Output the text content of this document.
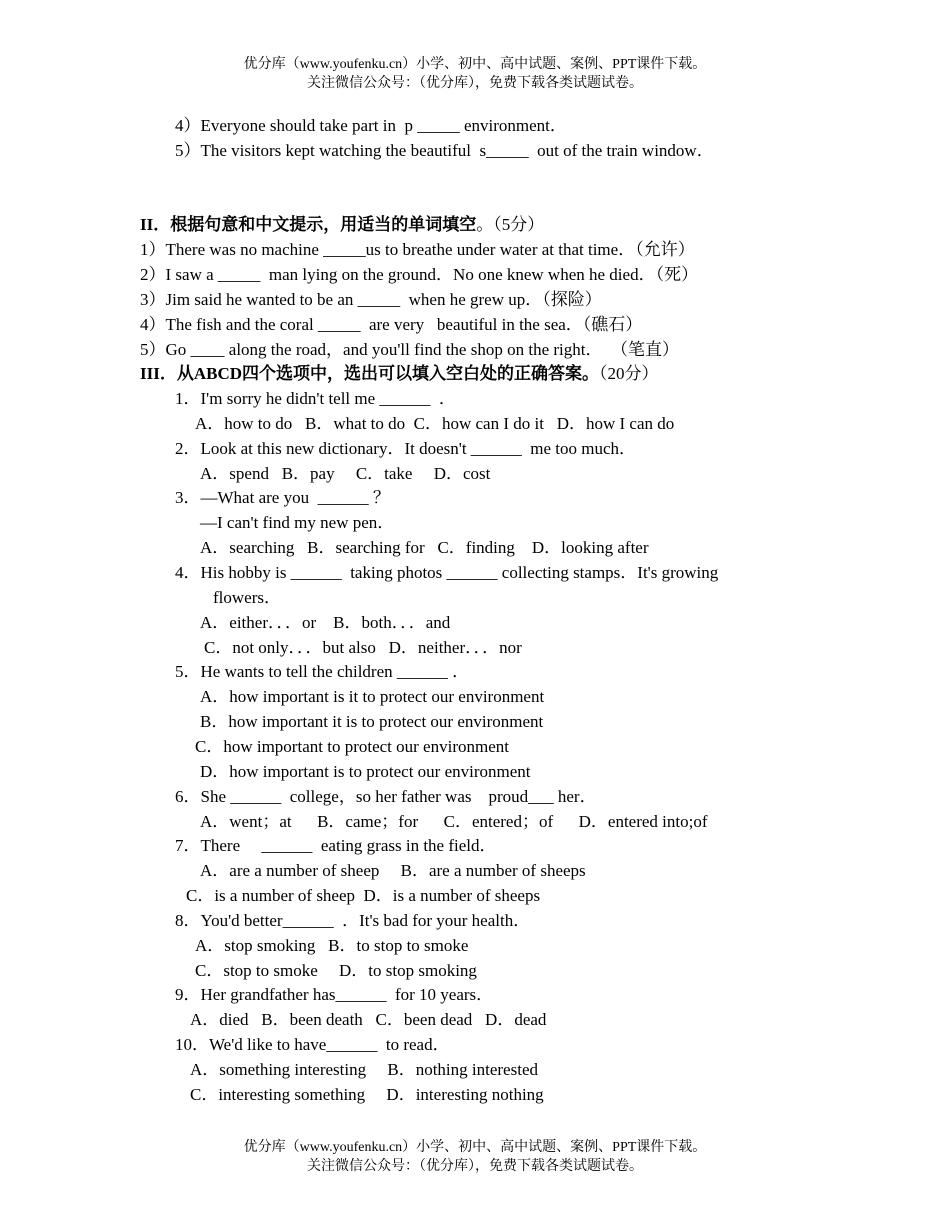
优分库（www.youfenku.cn）小学、初中、高中试题、案例、PPT课件下载。
关注微信公众号：（优分库），免费下载各类试题试卷。
4）Everyone should take part in  p _____ environment．
5）The visitors kept watching the beautiful  s_____  out of the train window．
II．根据句意和中文提示，用适当的单词填空。（5分）
1）There was no machine _____us to breathe under water at that time．（允许）
2）I saw a _____  man lying on the ground．No one knew when he died．（死）
3）Jim said he wanted to be an _____  when he grew up．（探险）
4）The fish and the coral _____  are very   beautiful in the sea．（礁石）
5）Go ____ along the road，and you'll find the shop on the right．  （笔直）
III．从ABCD四个选项中，选出可以填入空白处的正确答案。（20分）
1．I'm sorry he didn't tell me ______  ．
A．how to do   B．what to do  C．how can I do it   D．how I can do
2．Look at this new dictionary．It doesn't ______  me too much．
A．spend   B．pay     C．take     D．cost
3．—What are you  ______ ？
—I can't find my new pen．
A．searching   B．searching for   C．finding    D．looking after
4．His hobby is ______  taking photos ______ collecting stamps．It's growing
flowers．
A．either．．．or    B．both．．．and
C．not only．．．but also   D．neither．．．nor
5．He wants to tell the children ______ ．
A．how important is it to protect our environment
B．how important it is to protect our environment
C．how important to protect our environment
D．how important is to protect our environment
6．She ______  college，so her father was    proud___ her．
A．went；at      B．came；for      C．entered；of      D．entered into;of
7．There     ______  eating grass in the field．
A．are a number of sheep     B．are a number of sheeps
C．is a number of sheep  D．is a number of sheeps
8．You'd better______  ．It's bad for your health．
A．stop smoking   B．to stop to smoke
C．stop to smoke     D．to stop smoking
9．Her grandfather has______  for 10 years．
A．died   B．been death   C．been dead   D．dead
10．We'd like to have______  to read．
A．something interesting     B．nothing interested
C．interesting something     D．interesting nothing
优分库（www.youfenku.cn）小学、初中、高中试题、案例、PPT课件下载。
关注微信公众号：（优分库），免费下载各类试题试卷。
